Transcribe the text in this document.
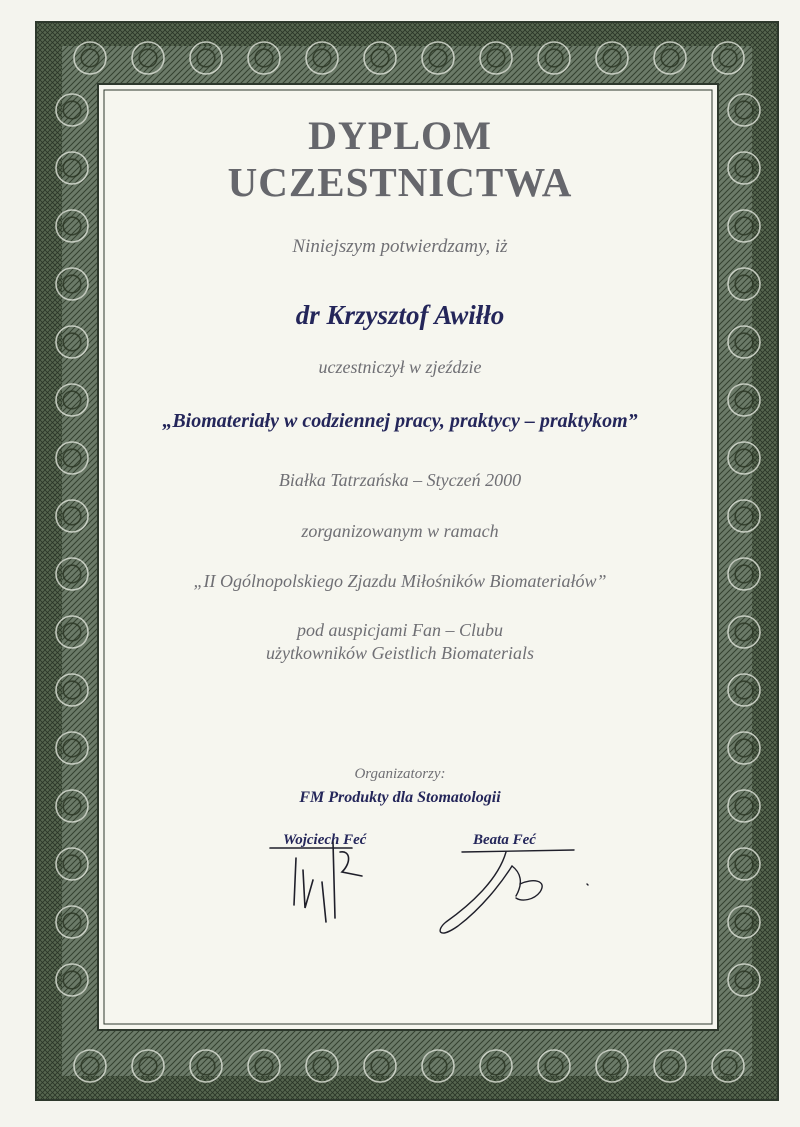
DYPLOM

UCZESTNICTWA

Niniejszym potwierdzamy, iż

dr Krzysztof Awiłło

uczestniczył w zjeździe

„Biomateriały w codziennej pracy, praktycy – praktykom”

Białka Tatrzańska – Styczeń 2000

zorganizowanym w ramach

„II Ogólnopolskiego Zjazdu Miłośników Biomateriałów”

pod auspicjami Fan – Clubu

użytkowników Geistlich Biomaterials

Organizatorzy:

FM Produkty dla Stomatologii

Wojciech Feć	Beata Feć
